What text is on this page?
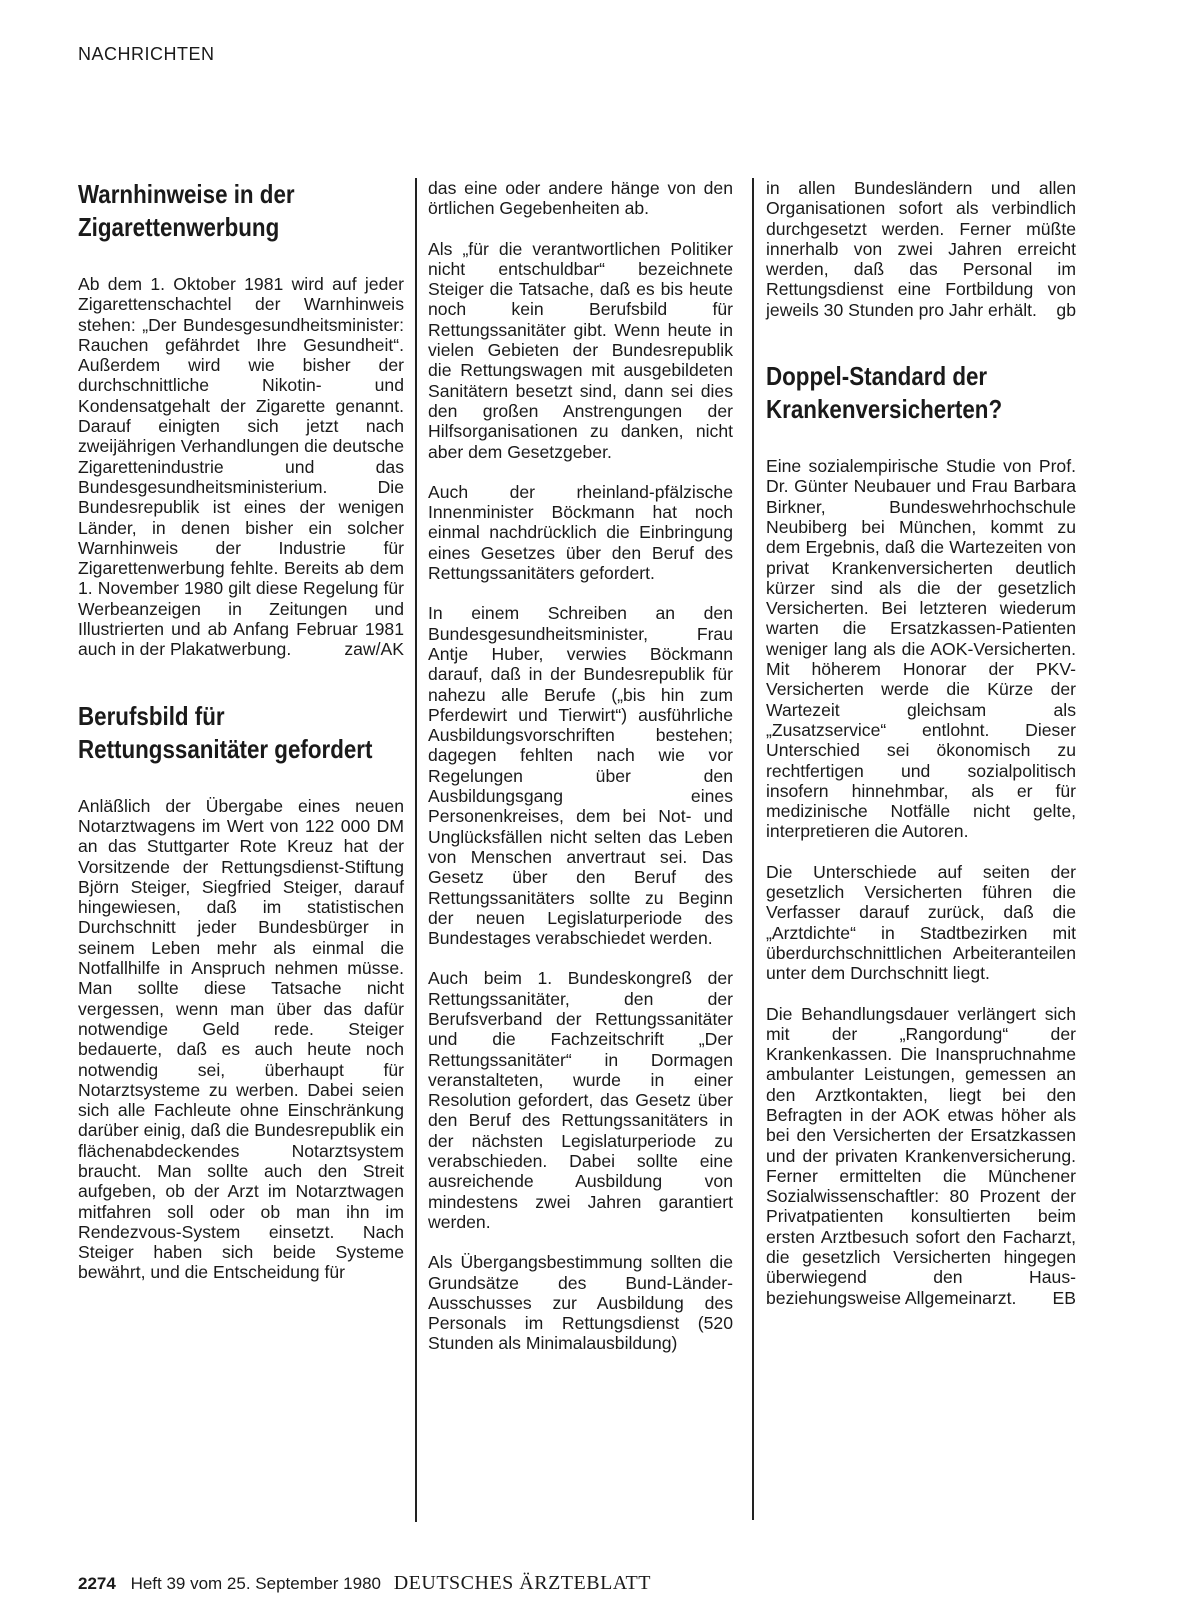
NACHRICHTEN
Warnhinweise in der Zigarettenwerbung

Ab dem 1. Oktober 1981 wird auf jeder Zigarettenschachtel der Warnhinweis stehen: „Der Bundesgesundheitsminister: Rauchen gefährdet Ihre Gesundheit“. Außerdem wird wie bisher der durchschnittliche Nikotin- und Kondensatgehalt der Zigarette genannt. Darauf einigten sich jetzt nach zweijährigen Verhandlungen die deutsche Zigarettenindustrie und das Bundesgesundheitsministerium. Die Bundesrepublik ist eines der wenigen Länder, in denen bisher ein solcher Warnhinweis der Industrie für Zigarettenwerbung fehlte. Bereits ab dem 1. November 1980 gilt diese Regelung für Werbeanzeigen in Zeitungen und Illustrierten und ab Anfang Februar 1981 auch in der Plakatwerbung.	zaw/AK

Berufsbild für Rettungssanitäter gefordert

Anläßlich der Übergabe eines neuen Notarztwagens im Wert von 122 000 DM an das Stuttgarter Rote Kreuz hat der Vorsitzende der Rettungsdienst-Stiftung Björn Steiger, Siegfried Steiger, darauf hingewiesen, daß im statistischen Durchschnitt jeder Bundesbürger in seinem Leben mehr als einmal die Notfallhilfe in Anspruch nehmen müsse. Man sollte diese Tatsache nicht vergessen, wenn man über das dafür notwendige Geld rede. Steiger bedauerte, daß es auch heute noch notwendig sei, überhaupt für Notarztsysteme zu werben. Dabei seien sich alle Fachleute ohne Einschränkung darüber einig, daß die Bundesrepublik ein flächenabdeckendes Notarztsystem braucht. Man sollte auch den Streit aufgeben, ob der Arzt im Notarztwagen mitfahren soll oder ob man ihn im Rendezvous-System einsetzt. Nach Steiger haben sich beide Systeme bewährt, und die Entscheidung für

das eine oder andere hänge von den örtlichen Gegebenheiten ab.

Als „für die verantwortlichen Politiker nicht entschuldbar“ bezeichnete Steiger die Tatsache, daß es bis heute noch kein Berufsbild für Rettungssanitäter gibt. Wenn heute in vielen Gebieten der Bundesrepublik die Rettungswagen mit ausgebildeten Sanitätern besetzt sind, dann sei dies den großen Anstrengungen der Hilfsorganisationen zu danken, nicht aber dem Gesetzgeber.

Auch der rheinland-pfälzische Innenminister Böckmann hat noch einmal nachdrücklich die Einbringung eines Gesetzes über den Beruf des Rettungssanitäters gefordert.

In einem Schreiben an den Bundesgesundheitsminister, Frau Antje Huber, verwies Böckmann darauf, daß in der Bundesrepublik für nahezu alle Berufe („bis hin zum Pferdewirt und Tierwirt“) ausführliche Ausbildungsvorschriften bestehen; dagegen fehlten nach wie vor Regelungen über den Ausbildungsgang eines Personenkreises, dem bei Not- und Unglücksfällen nicht selten das Leben von Menschen anvertraut sei. Das Gesetz über den Beruf des Rettungssanitäters sollte zu Beginn der neuen Legislaturperiode des Bundestages verabschiedet werden.

Auch beim 1. Bundeskongreß der Rettungssanitäter, den der Berufsverband der Rettungssanitäter und die Fachzeitschrift „Der Rettungssanitäter“ in Dormagen veranstalteten, wurde in einer Resolution gefordert, das Gesetz über den Beruf des Rettungssanitäters in der nächsten Legislaturperiode zu verabschieden. Dabei sollte eine ausreichende Ausbildung von mindestens zwei Jahren garantiert werden.

Als Übergangsbestimmung sollten die Grundsätze des Bund-Länder-Ausschusses zur Ausbildung des Personals im Rettungsdienst (520 Stunden als Minimalausbildung)

in allen Bundesländern und allen Organisationen sofort als verbindlich durchgesetzt werden. Ferner müßte innerhalb von zwei Jahren erreicht werden, daß das Personal im Rettungsdienst eine Fortbildung von jeweils 30 Stunden pro Jahr erhält. gb

Doppel-Standard der Krankenversicherten?

Eine sozialempirische Studie von Prof. Dr. Günter Neubauer und Frau Barbara Birkner, Bundeswehrhochschule Neubiberg bei München, kommt zu dem Ergebnis, daß die Wartezeiten von privat Krankenversicherten deutlich kürzer sind als die der gesetzlich Versicherten. Bei letzteren wiederum warten die Ersatzkassen-Patienten weniger lang als die AOK-Versicherten. Mit höherem Honorar der PKV-Versicherten werde die Kürze der Wartezeit gleichsam als „Zusatzservice“ entlohnt. Dieser Unterschied sei ökonomisch zu rechtfertigen und sozialpolitisch insofern hinnehmbar, als er für medizinische Notfälle nicht gelte, interpretieren die Autoren.

Die Unterschiede auf seiten der gesetzlich Versicherten führen die Verfasser darauf zurück, daß die „Arztdichte“ in Stadtbezirken mit überdurchschnittlichen Arbeiteranteilen unter dem Durchschnitt liegt.

Die Behandlungsdauer verlängert sich mit der „Rangordung“ der Krankenkassen. Die Inanspruchnahme ambulanter Leistungen, gemessen an den Arztkontakten, liegt bei den Befragten in der AOK etwas höher als bei den Versicherten der Ersatzkassen und der privaten Krankenversicherung. Ferner ermittelten die Münchener Sozialwissenschaftler: 80 Prozent der Privatpatienten konsultierten beim ersten Arztbesuch sofort den Facharzt, die gesetzlich Versicherten hingegen überwiegend den Haus- beziehungsweise Allgemeinarzt. EB

2274 Heft 39 vom 25. September 1980 DEUTSCHES ÄRZTEBLATT
